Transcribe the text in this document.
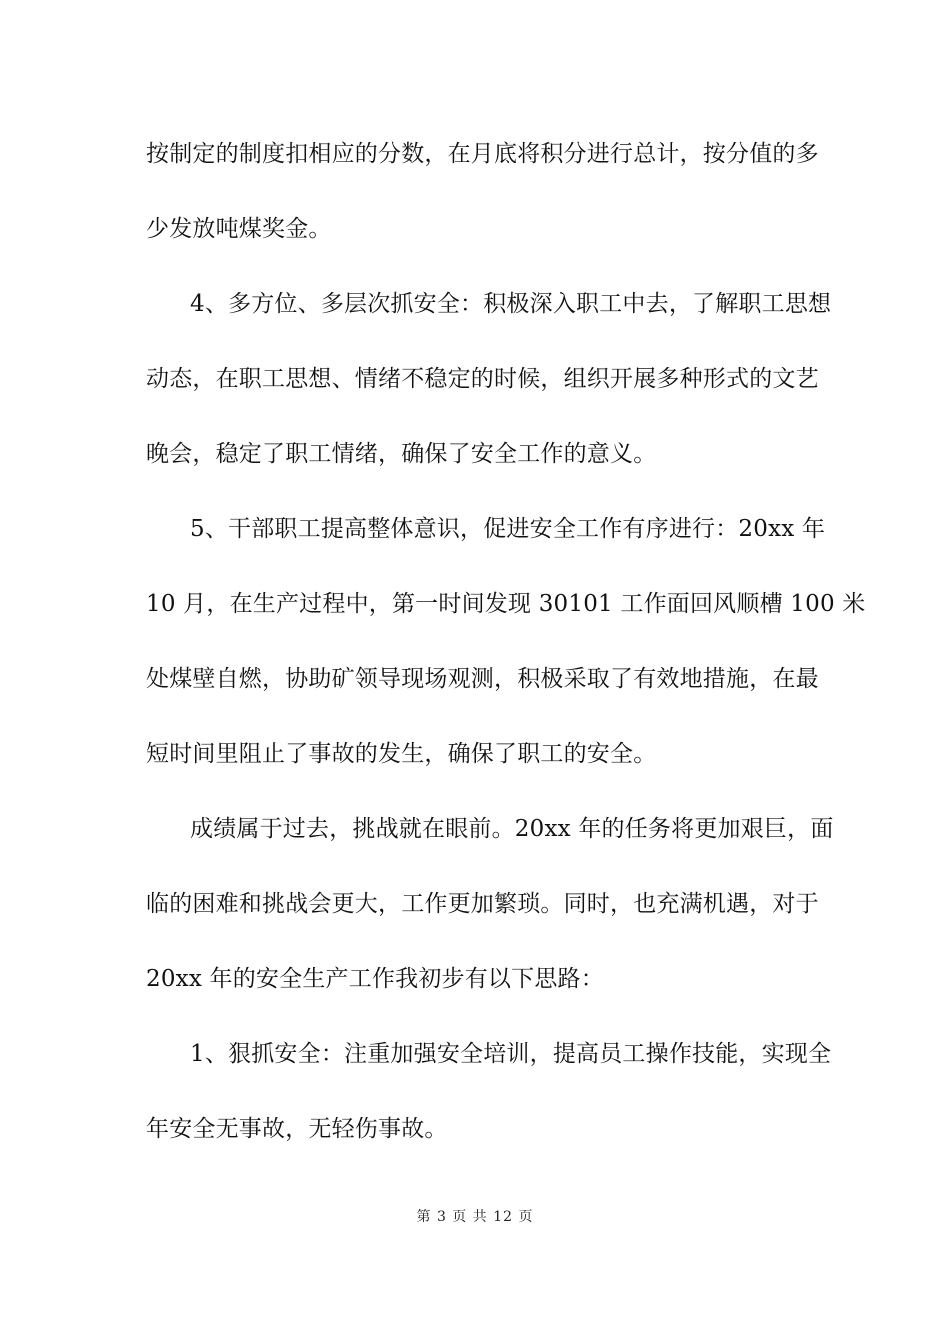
按制定的制度扣相应的分数，在月底将积分进行总计，按分值的多
少发放吨煤奖金。
4、多方位、多层次抓安全：积极深入职工中去，了解职工思想
动态，在职工思想、情绪不稳定的时候，组织开展多种形式的文艺
晚会，稳定了职工情绪，确保了安全工作的意义。
5、干部职工提高整体意识，促进安全工作有序进行：20xx 年
10 月，在生产过程中，第一时间发现 30101 工作面回风顺槽 100 米
处煤壁自燃，协助矿领导现场观测，积极采取了有效地措施，在最
短时间里阻止了事故的发生，确保了职工的安全。
成绩属于过去，挑战就在眼前。20xx 年的任务将更加艰巨，面
临的困难和挑战会更大，工作更加繁琐。同时，也充满机遇，对于
20xx 年的安全生产工作我初步有以下思路：
1、狠抓安全：注重加强安全培训，提高员工操作技能，实现全
年安全无事故，无轻伤事故。
第 3 页 共 12 页
